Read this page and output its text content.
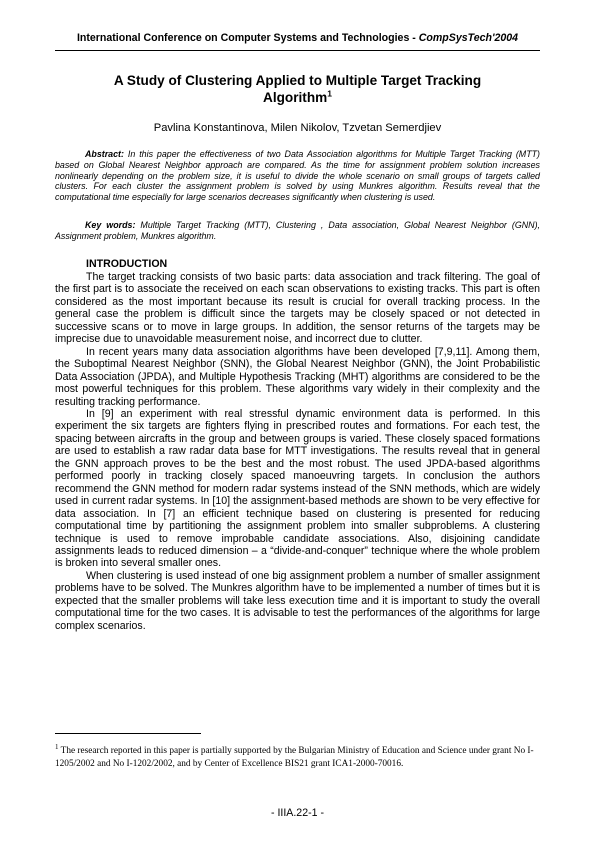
International Conference on Computer Systems and Technologies - CompSysTech'2004
A Study of Clustering Applied to Multiple Target Tracking
Algorithm$^1$
Pavlina Konstantinova, Milen Nikolov, Tzvetan Semerdjiev
Abstract: In this paper the effectiveness of two Data Association algorithms for Multiple Target Tracking (MTT) based on Global Nearest Neighbor approach are compared. As the time for assignment problem solution increases nonlinearly depending on the problem size, it is useful to divide the whole scenario on small groups of targets called clusters. For each cluster the assignment problem is solved by using Munkres algorithm. Results reveal that the computational time especially for large scenarios decreases significantly when clustering is used.
Key words: Multiple Target Tracking (MTT), Clustering , Data association, Global Nearest Neighbor (GNN), Assignment problem, Munkres algorithm.
INTRODUCTION

The target tracking consists of two basic parts: data association and track filtering. The goal of the first part is to associate the received on each scan observations to existing tracks. This part is often considered as the most important because its result is crucial for overall tracking process. In the general case the problem is difficult since the targets may be closely spaced or not detected in successive scans or to move in large groups. In addition, the sensor returns of the targets may be imprecise due to unavoidable measurement noise, and incorrect due to clutter.

In recent years many data association algorithms have been developed [7,9,11]. Among them, the Suboptimal Nearest Neighbor (SNN), the Global Nearest Neighbor (GNN), the Joint Probabilistic Data Association (JPDA), and Multiple Hypothesis Tracking (MHT) algorithms are considered to be the most powerful techniques for this problem. These algorithms vary widely in their complexity and the resulting tracking performance.

In [9] an experiment with real stressful dynamic environment data is performed. In this experiment the six targets are fighters flying in prescribed routes and formations. For each test, the spacing between aircrafts in the group and between groups is varied. These closely spaced formations are used to establish a raw radar data base for MTT investigations. The results reveal that in general the GNN approach proves to be the best and the most robust. The used JPDA-based algorithms performed poorly in tracking closely spaced manoeuvring targets. In conclusion the authors recommend the GNN method for modern radar systems instead of the SNN methods, which are widely used in current radar systems. In [10] the assignment-based methods are shown to be very effective for data association. In [7] an efficient technique based on clustering is presented for reducing computational time by partitioning the assignment problem into smaller subproblems. A clustering technique is used to remove improbable candidate associations. Also, disjoining candidate assignments leads to reduced dimension – a “divide-and-conquer” technique where the whole problem is broken into several smaller ones.

When clustering is used instead of one big assignment problem a number of smaller assignment problems have to be solved. The Munkres algorithm have to be implemented a number of times but it is expected that the smaller problems will take less execution time and it is important to study the overall computational time for the two cases. It is advisable to test the performances of the algorithms for large complex scenarios.

$^1$ The research reported in this paper is partially supported by the Bulgarian Ministry of Education and Science under grant No I-1205/2002 and No I-1202/2002, and by Center of Excellence BIS21 grant ICA1-2000-70016.
- IIIA.22-1 -
